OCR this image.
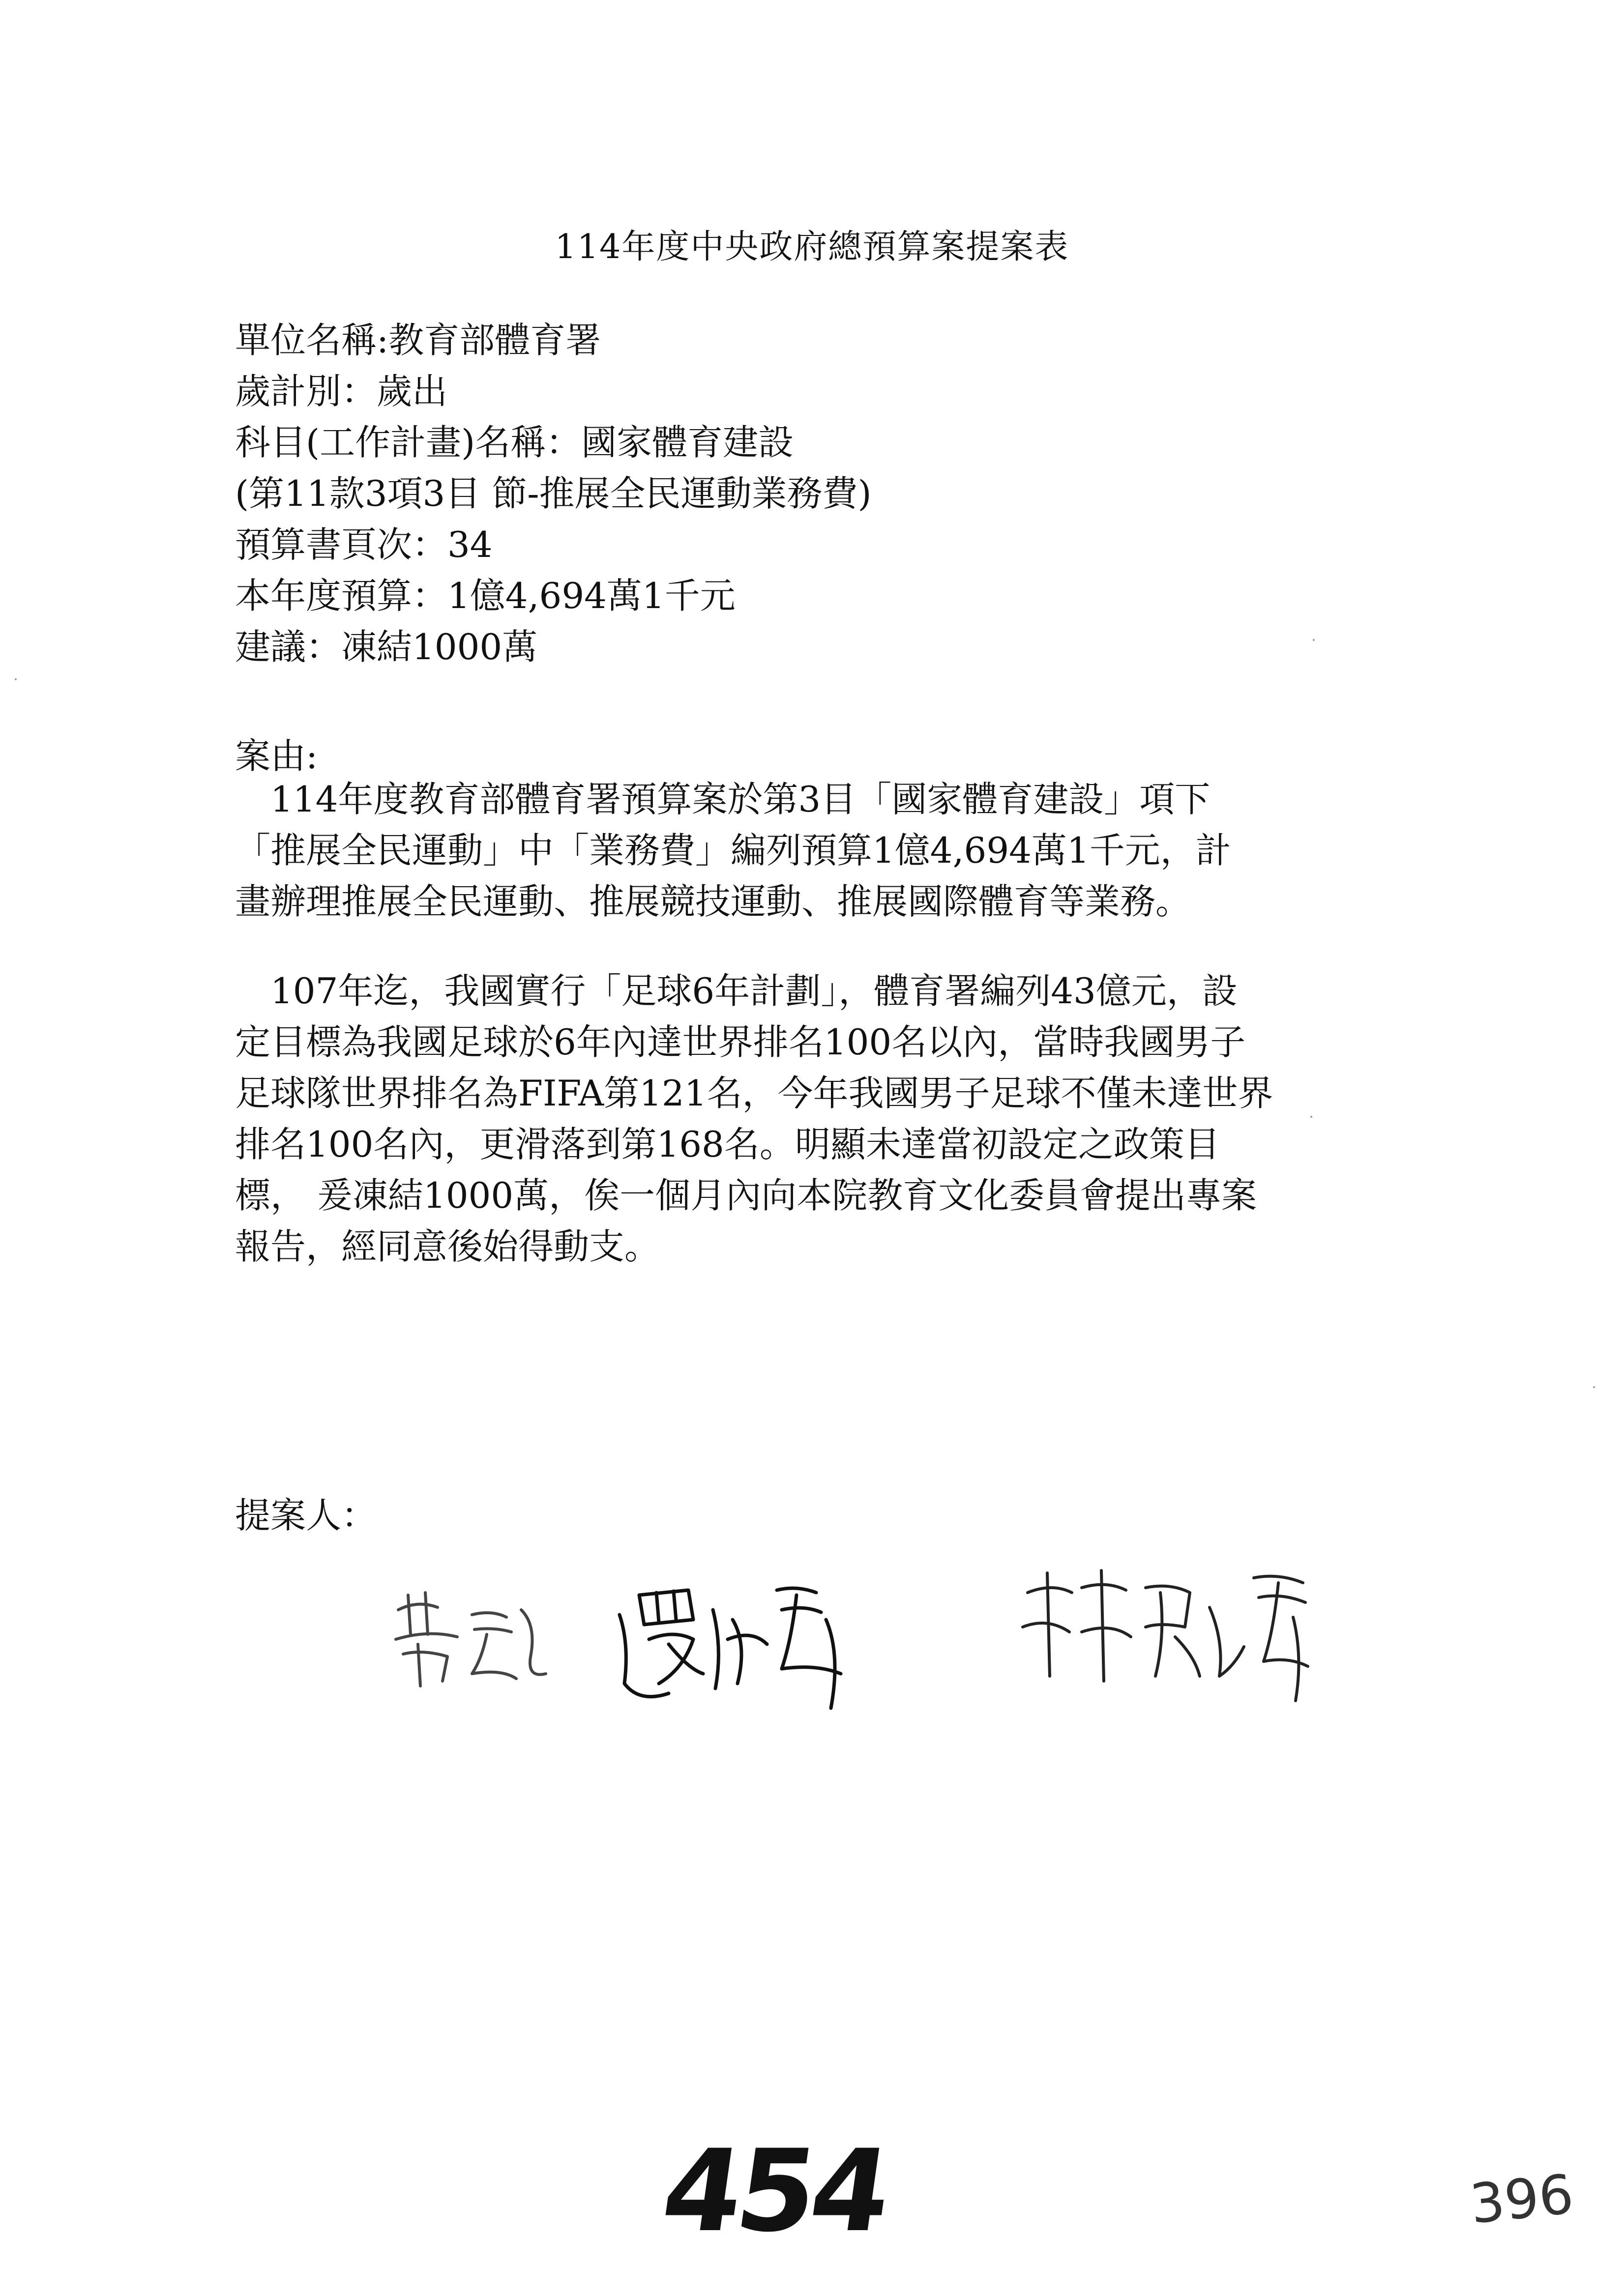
114年度中央政府總預算案提案表
單位名稱:教育部體育署
歲計別：歲出
科目(工作計畫)名稱：國家體育建設
(第11款3項3目 節-推展全民運動業務費)
預算書頁次：34
本年度預算：1億4,694萬1千元
建議：凍結1000萬
案由:
　114年度教育部體育署預算案於第3目「國家體育建設」項下
「推展全民運動」中「業務費」編列預算1億4,694萬1千元，計
畫辦理推展全民運動、推展競技運動、推展國際體育等業務。
　107年迄，我國實行「足球6年計劃」，體育署編列43億元，設
定目標為我國足球於6年內達世界排名100名以內，當時我國男子
足球隊世界排名為FIFA第121名，今年我國男子足球不僅未達世界
排名100名內，更滑落到第168名。明顯未達當初設定之政策目
標， 爰凍結1000萬，俟一個月內向本院教育文化委員會提出專案
報告，經同意後始得動支。
提案人：
454	396
